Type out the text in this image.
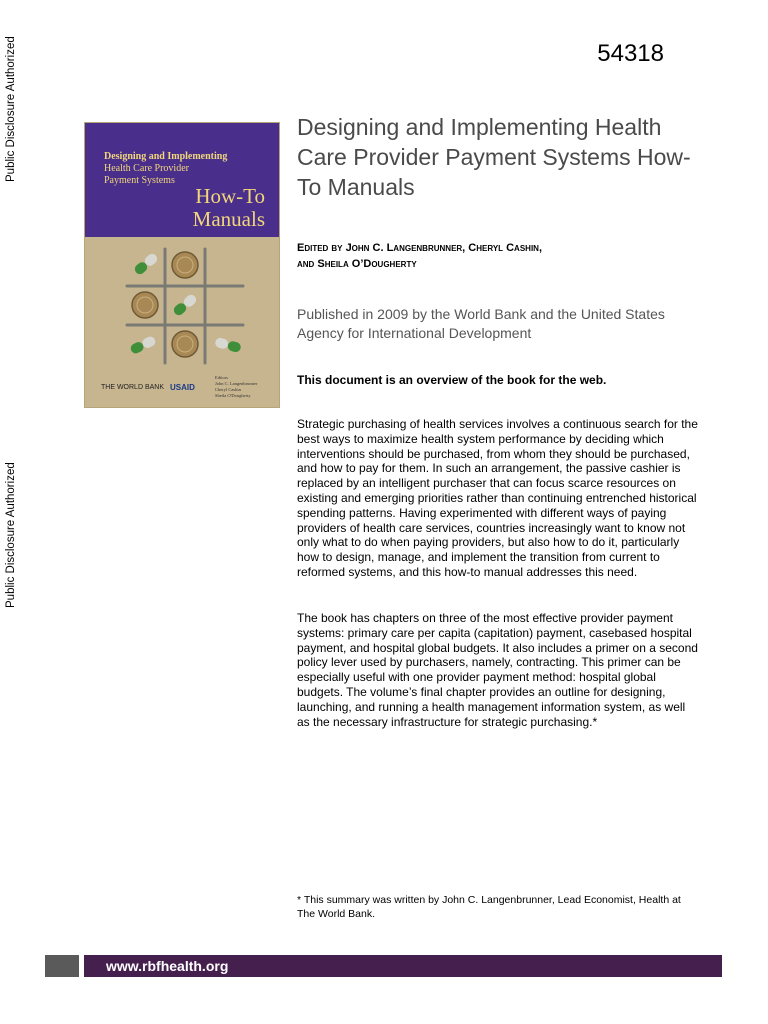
Public Disclosure Authorized
Public Disclosure Authorized
54318
Designing and Implementing
Health Care Provider
Payment Systems
How-To
Manuals
THE WORLD BANK USAID
Editors
John C. Langenbrunner
Cheryl Cashin
Sheila O'Dougherty
Designing and Implementing Health Care Provider Payment Systems How-To Manuals
Edited by John C. Langenbrunner, Cheryl Cashin,
and Sheila O’Dougherty
Published in 2009 by the World Bank and the United States Agency for International Development
This document is an overview of the book for the web.
Strategic purchasing of health services involves a continuous search for the best ways to maximize health system performance by deciding which interventions should be purchased, from whom they should be purchased, and how to pay for them. In such an arrangement, the passive cashier is replaced by an intelligent purchaser that can focus scarce resources on existing and emerging priorities rather than continuing entrenched historical spending patterns. Having experimented with different ways of paying providers of health care services, countries increasingly want to know not only what to do when paying providers, but also how to do it, particularly how to design, manage, and implement the transition from current to reformed systems, and this how-to manual addresses this need.
The book has chapters on three of the most effective provider payment systems: primary care per capita (capitation) payment, casebased hospital payment, and hospital global budgets. It also includes a primer on a second policy lever used by purchasers, namely, contracting. This primer can be especially useful with one provider payment method: hospital global budgets. The volume’s final chapter provides an outline for designing, launching, and running a health management information system, as well as the necessary infrastructure for strategic purchasing.*
* This summary was written by John C. Langenbrunner, Lead Economist, Health at The World Bank.
www.rbfhealth.org
